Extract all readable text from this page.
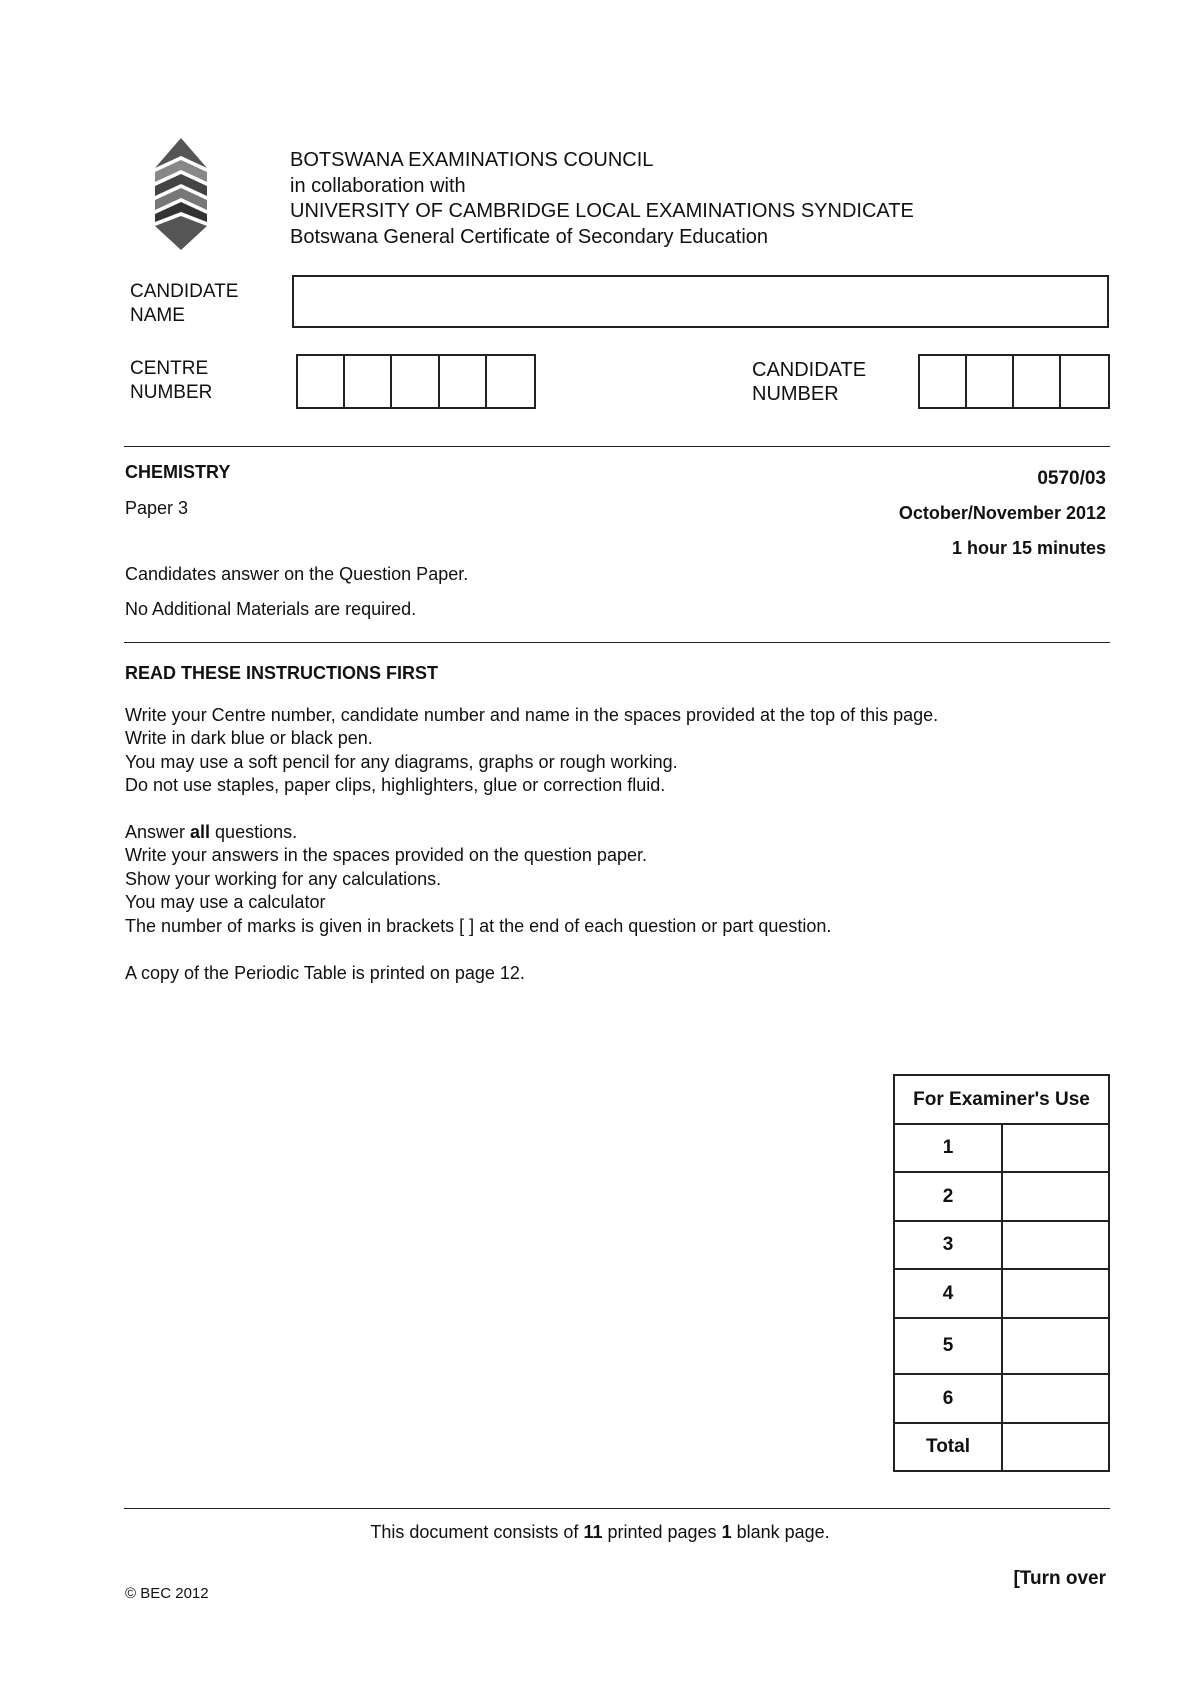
BOTSWANA EXAMINATIONS COUNCIL
in collaboration with
UNIVERSITY OF CAMBRIDGE LOCAL EXAMINATIONS SYNDICATE
Botswana General Certificate of Secondary Education
CANDIDATE
NAME
CENTRE
NUMBER
CANDIDATE
NUMBER
CHEMISTRY
Paper 3
0570/03
October/November 2012
1 hour 15 minutes
Candidates answer on the Question Paper.
No Additional Materials are required.
READ THESE INSTRUCTIONS FIRST
Write your Centre number, candidate number and name in the spaces provided at the top of this page.
Write in dark blue or black pen.
You may use a soft pencil for any diagrams, graphs or rough working.
Do not use staples, paper clips, highlighters, glue or correction fluid.
Answer all questions.
Write your answers in the spaces provided on the question paper.
Show your working for any calculations.
You may use a calculator
The number of marks is given in brackets [ ] at the end of each question or part question.
A copy of the Periodic Table is printed on page 12.
For Examiner's Use	
1	
2	
3	
4	
5	
6	
Total	
This document consists of 11 printed pages 1 blank page.
© BEC 2012
[Turn over
